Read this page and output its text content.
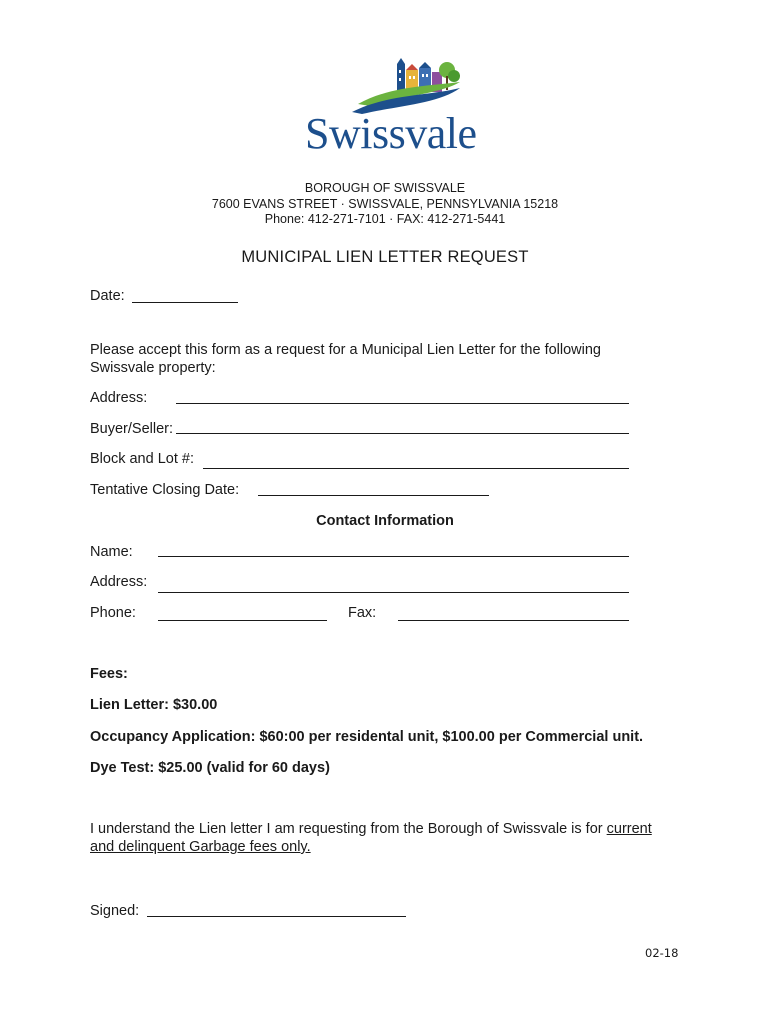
Swissvale
BOROUGH OF SWISSVALE
7600 EVANS STREET · SWISSVALE, PENNSYLVANIA 15218
Phone: 412-271-7101 · FAX: 412-271-5441
MUNICIPAL LIEN LETTER REQUEST
Date:
Please accept this form as a request for a Municipal Lien Letter for the following
Swissvale property:
Address:
Buyer/Seller:
Block and Lot #:
Tentative Closing Date:
Contact Information
Name:
Address:
Phone:	Fax:
Fees:
Lien Letter: $30.00
Occupancy Application: $60:00 per residental unit, $100.00 per Commercial unit.
Dye Test: $25.00 (valid for 60 days)
I understand the Lien letter I am requesting from the Borough of Swissvale is for current
and delinquent Garbage fees only.
Signed:
02-18
